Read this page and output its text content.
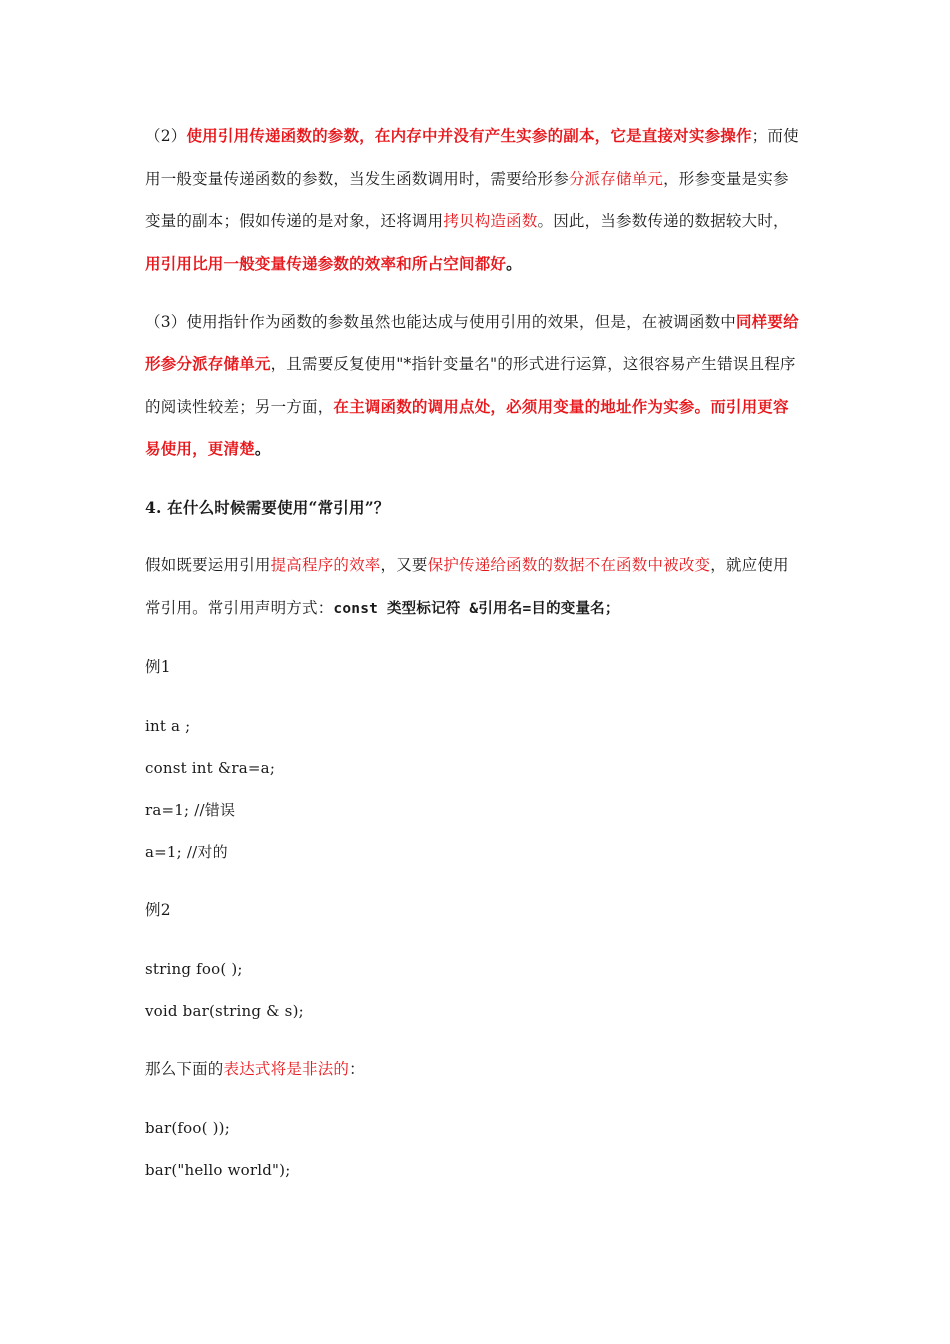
（2）使用引用传递函数的参数，在内存中并没有产生实参的副本，它是直接对实参操作；而使
用一般变量传递函数的参数，当发生函数调用时，需要给形参分派存储单元，形参变量是实参
变量的副本；假如传递的是对象，还将调用拷贝构造函数。因此，当参数传递的数据较大时，
用引用比用一般变量传递参数的效率和所占空间都好。
（3）使用指针作为函数的参数虽然也能达成与使用引用的效果，但是，在被调函数中同样要给
形参分派存储单元，且需要反复使用"*指针变量名"的形式进行运算，这很容易产生错误且程序
的阅读性较差；另一方面，在主调函数的调用点处，必须用变量的地址作为实参。而引用更容
易使用，更清楚。
4. 在什么时候需要使用“常引用”？
假如既要运用引用提高程序的效率，又要保护传递给函数的数据不在函数中被改变，就应使用
常引用。常引用声明方式：const 类型标记符 &引用名=目的变量名；
例1
int a ;
const int &ra=a;
ra=1; //错误
a=1; //对的
例2
string foo( );
void bar(string & s);
那么下面的表达式将是非法的：
bar(foo( ));
bar("hello world");
